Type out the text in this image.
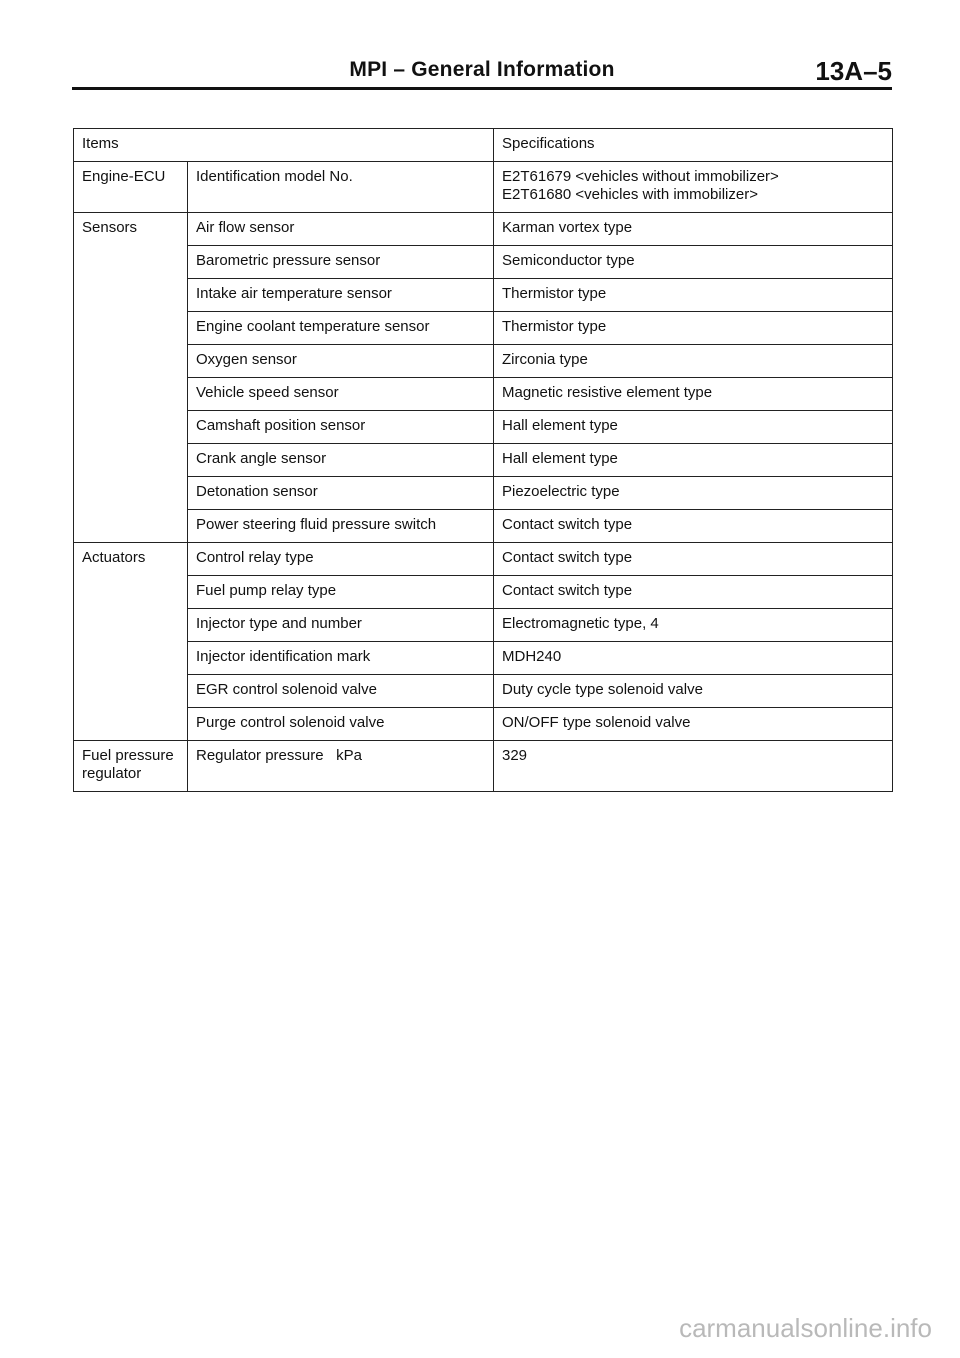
MPI – General Information	13A–5
Items		Specifications
Engine-ECU	Identification model No.	E2T61679 <vehicles without immobilizer>
E2T61680 <vehicles with immobilizer>

Sensors	Air flow sensor	Karman vortex type
	Barometric pressure sensor	Semiconductor type
	Intake air temperature sensor	Thermistor type
	Engine coolant temperature sensor	Thermistor type
	Oxygen sensor	Zirconia type
	Vehicle speed sensor	Magnetic resistive element type
	Camshaft position sensor	Hall element type
	Crank angle sensor	Hall element type
	Detonation sensor	Piezoelectric type
	Power steering fluid pressure switch	Contact switch type
Actuators	Control relay type	Contact switch type
	Fuel pump relay type	Contact switch type
	Injector type and number	Electromagnetic type, 4
	Injector identification mark	MDH240
	EGR control solenoid valve	Duty cycle type solenoid valve
	Purge control solenoid valve	ON/OFF type solenoid valve

Fuel pressure
regulator	Regulator pressure   kPa	329
carmanualsonline.info
